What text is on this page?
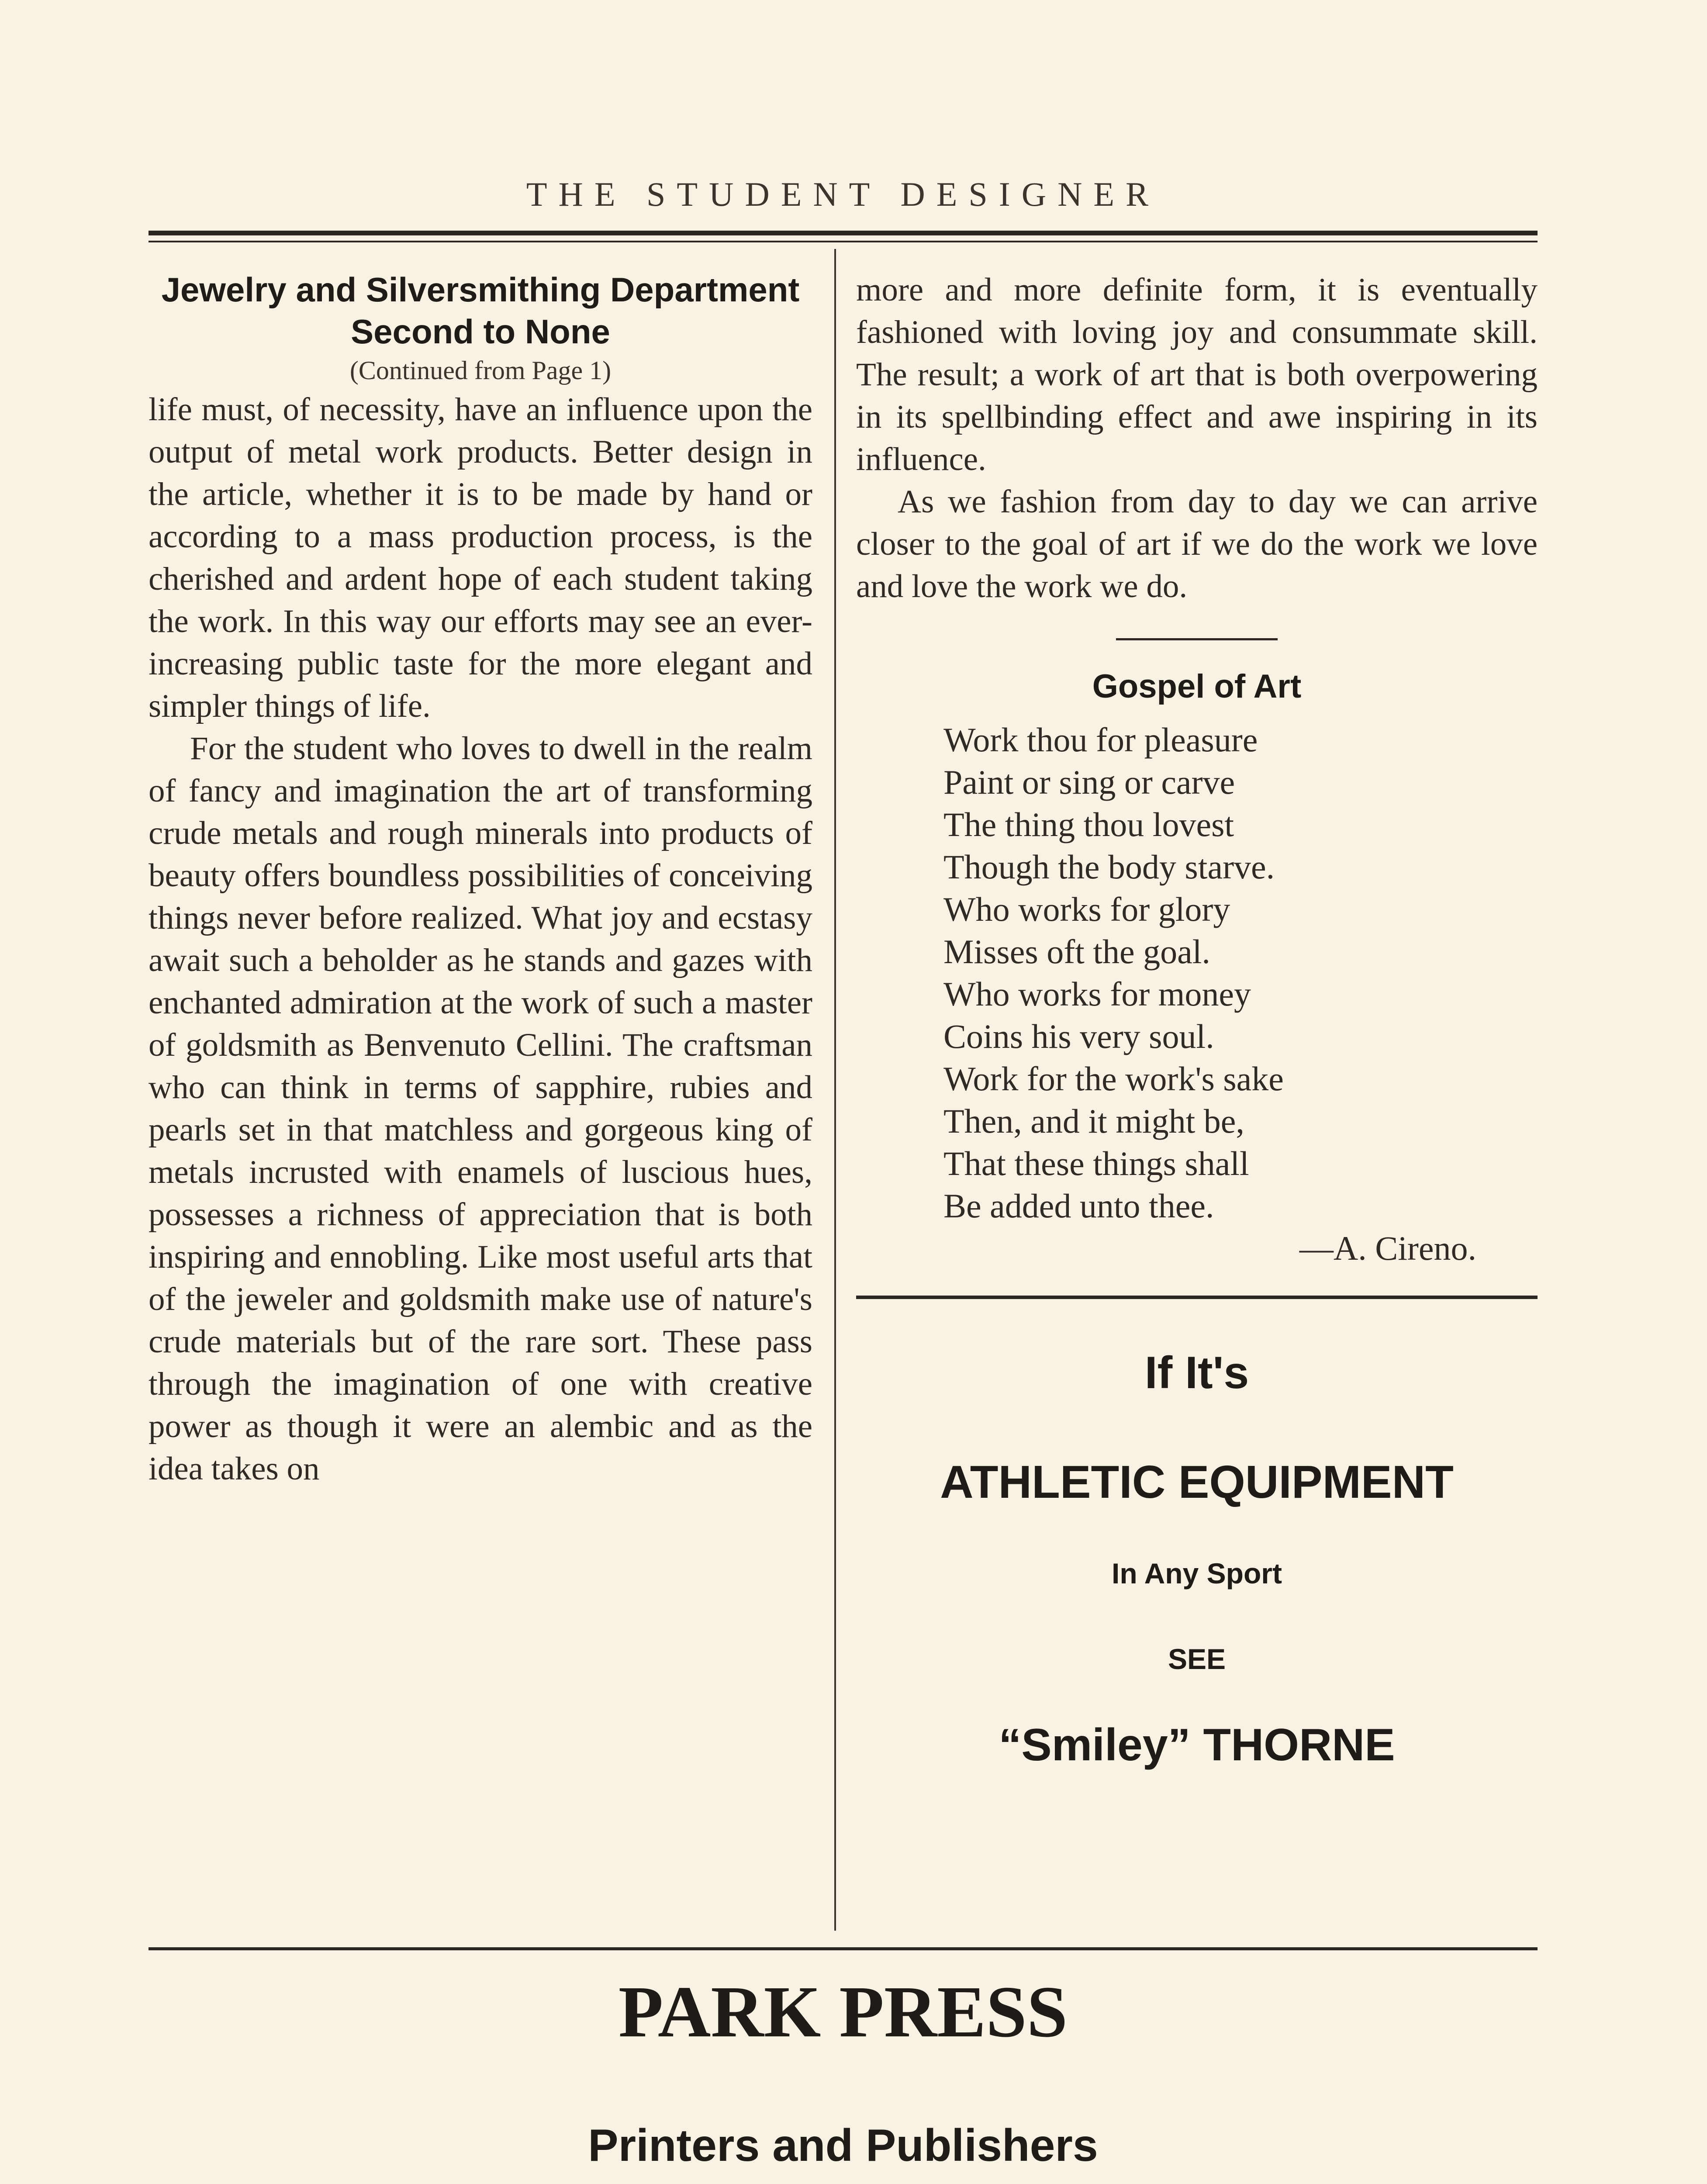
THE STUDENT DESIGNER
Jewelry and Silversmithing Department Second to None
(Continued from Page 1)

life must, of necessity, have an influence upon the output of metal work products. Better design in the article, whether it is to be made by hand or according to a mass production process, is the cherished and ardent hope of each student taking the work. In this way our efforts may see an ever-increasing public taste for the more elegant and simpler things of life.

For the student who loves to dwell in the realm of fancy and imagination the art of transforming crude metals and rough minerals into products of beauty offers boundless possibilities of conceiving things never before realized. What joy and ecstasy await such a beholder as he stands and gazes with enchanted admiration at the work of such a master of goldsmith as Benvenuto Cellini. The craftsman who can think in terms of sapphire, rubies and pearls set in that matchless and gorgeous king of metals incrusted with enamels of luscious hues, possesses a richness of appreciation that is both inspiring and ennobling. Like most useful arts that of the jeweler and goldsmith make use of nature's crude materials but of the rare sort. These pass through the imagination of one with creative power as though it were an alembic and as the idea takes on

more and more definite form, it is eventually fashioned with loving joy and consummate skill. The result; a work of art that is both overpowering in its spellbinding effect and awe inspiring in its influence.

As we fashion from day to day we can arrive closer to the goal of art if we do the work we love and love the work we do.

Gospel of Art
Work thou for pleasure
Paint or sing or carve
The thing thou lovest
Though the body starve.
Who works for glory
Misses oft the goal.
Who works for money
Coins his very soul.
Work for the work's sake
Then, and it might be,
That these things shall
Be added unto thee.
—A. Cireno.
If It's
ATHLETIC EQUIPMENT
In Any Sport
SEE
“Smiley” THORNE
PARK PRESS
Printers and Publishers
